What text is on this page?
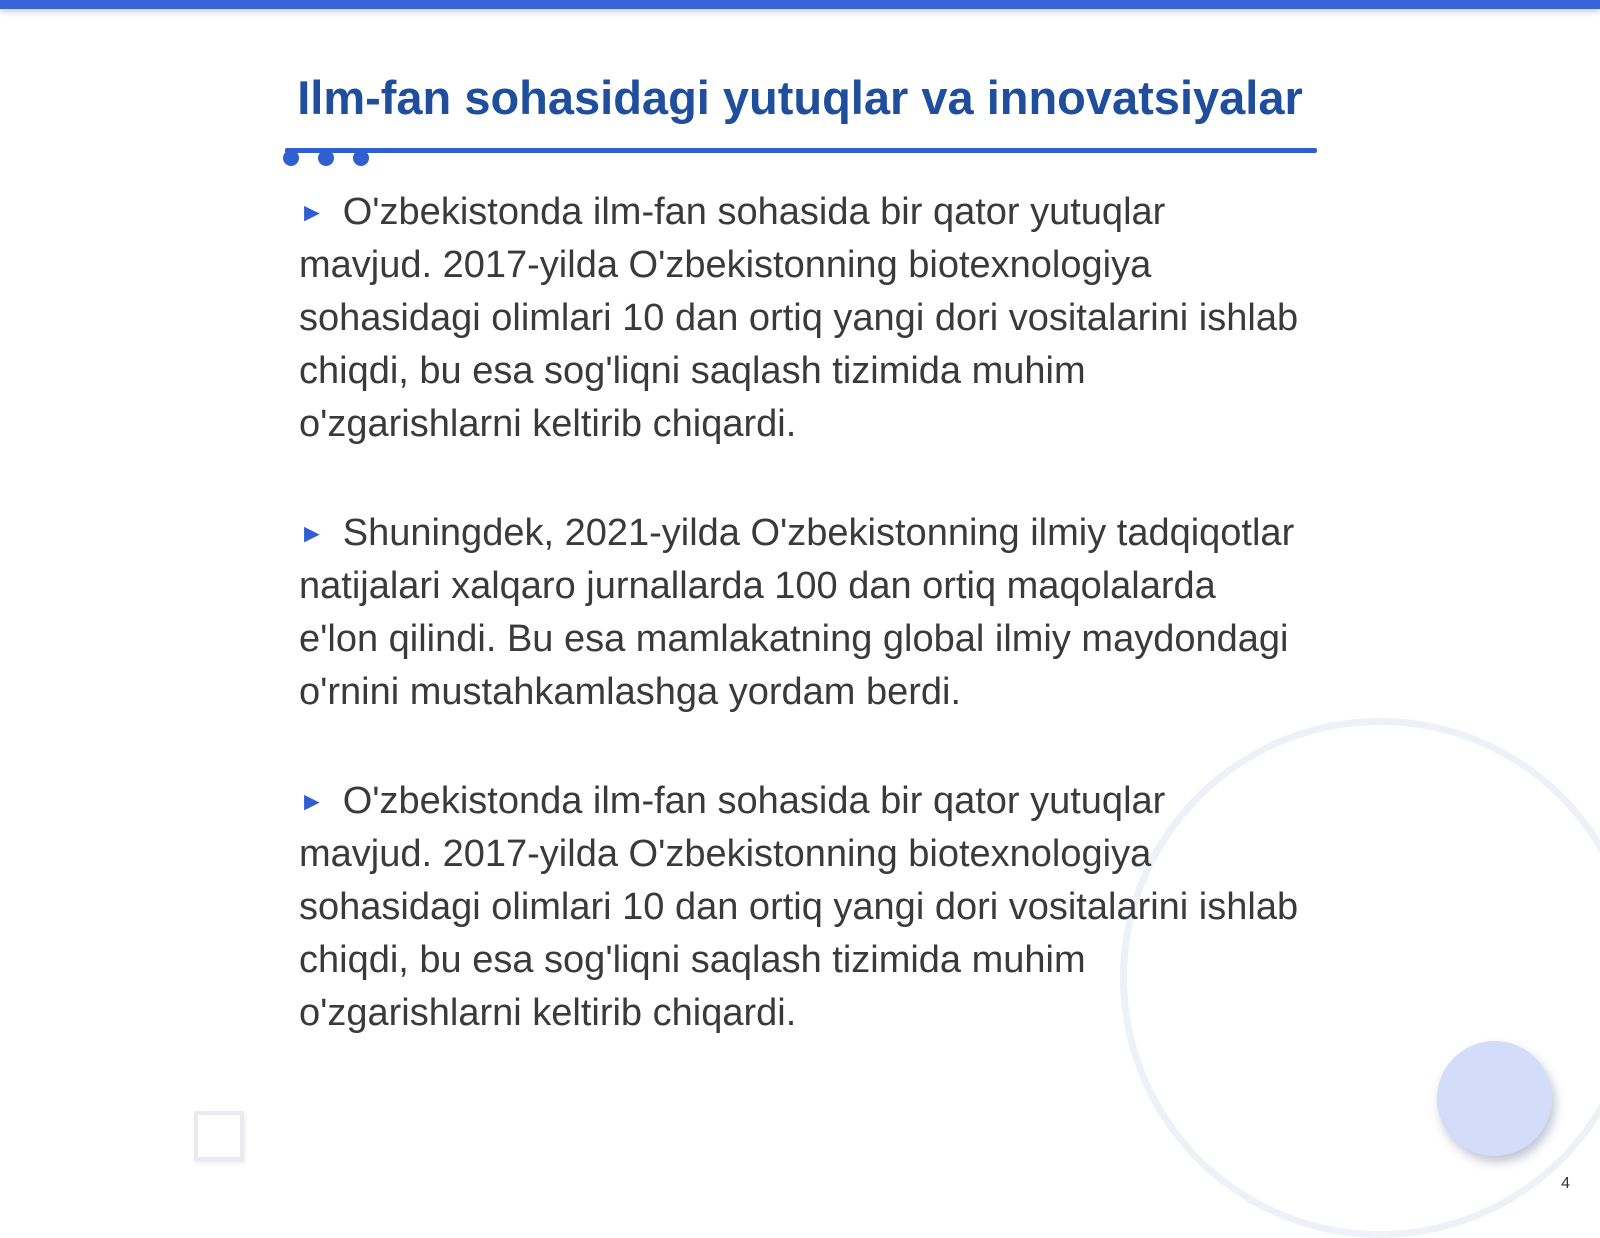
Ilm-fan sohasidagi yutuqlar va innovatsiyalar

► O'zbekistonda ilm-fan sohasida bir qator yutuqlar mavjud. 2017-yilda O'zbekistonning biotexnologiya sohasidagi olimlari 10 dan ortiq yangi dori vositalarini ishlab chiqdi, bu esa sog'liqni saqlash tizimida muhim o'zgarishlarni keltirib chiqardi.

► Shuningdek, 2021-yilda O'zbekistonning ilmiy tadqiqotlar natijalari xalqaro jurnallarda 100 dan ortiq maqolalarda e'lon qilindi. Bu esa mamlakatning global ilmiy maydondagi o'rnini mustahkamlashga yordam berdi.

► O'zbekistonda ilm-fan sohasida bir qator yutuqlar mavjud. 2017-yilda O'zbekistonning biotexnologiya sohasidagi olimlari 10 dan ortiq yangi dori vositalarini ishlab chiqdi, bu esa sog'liqni saqlash tizimida muhim o'zgarishlarni keltirib chiqardi.

4
